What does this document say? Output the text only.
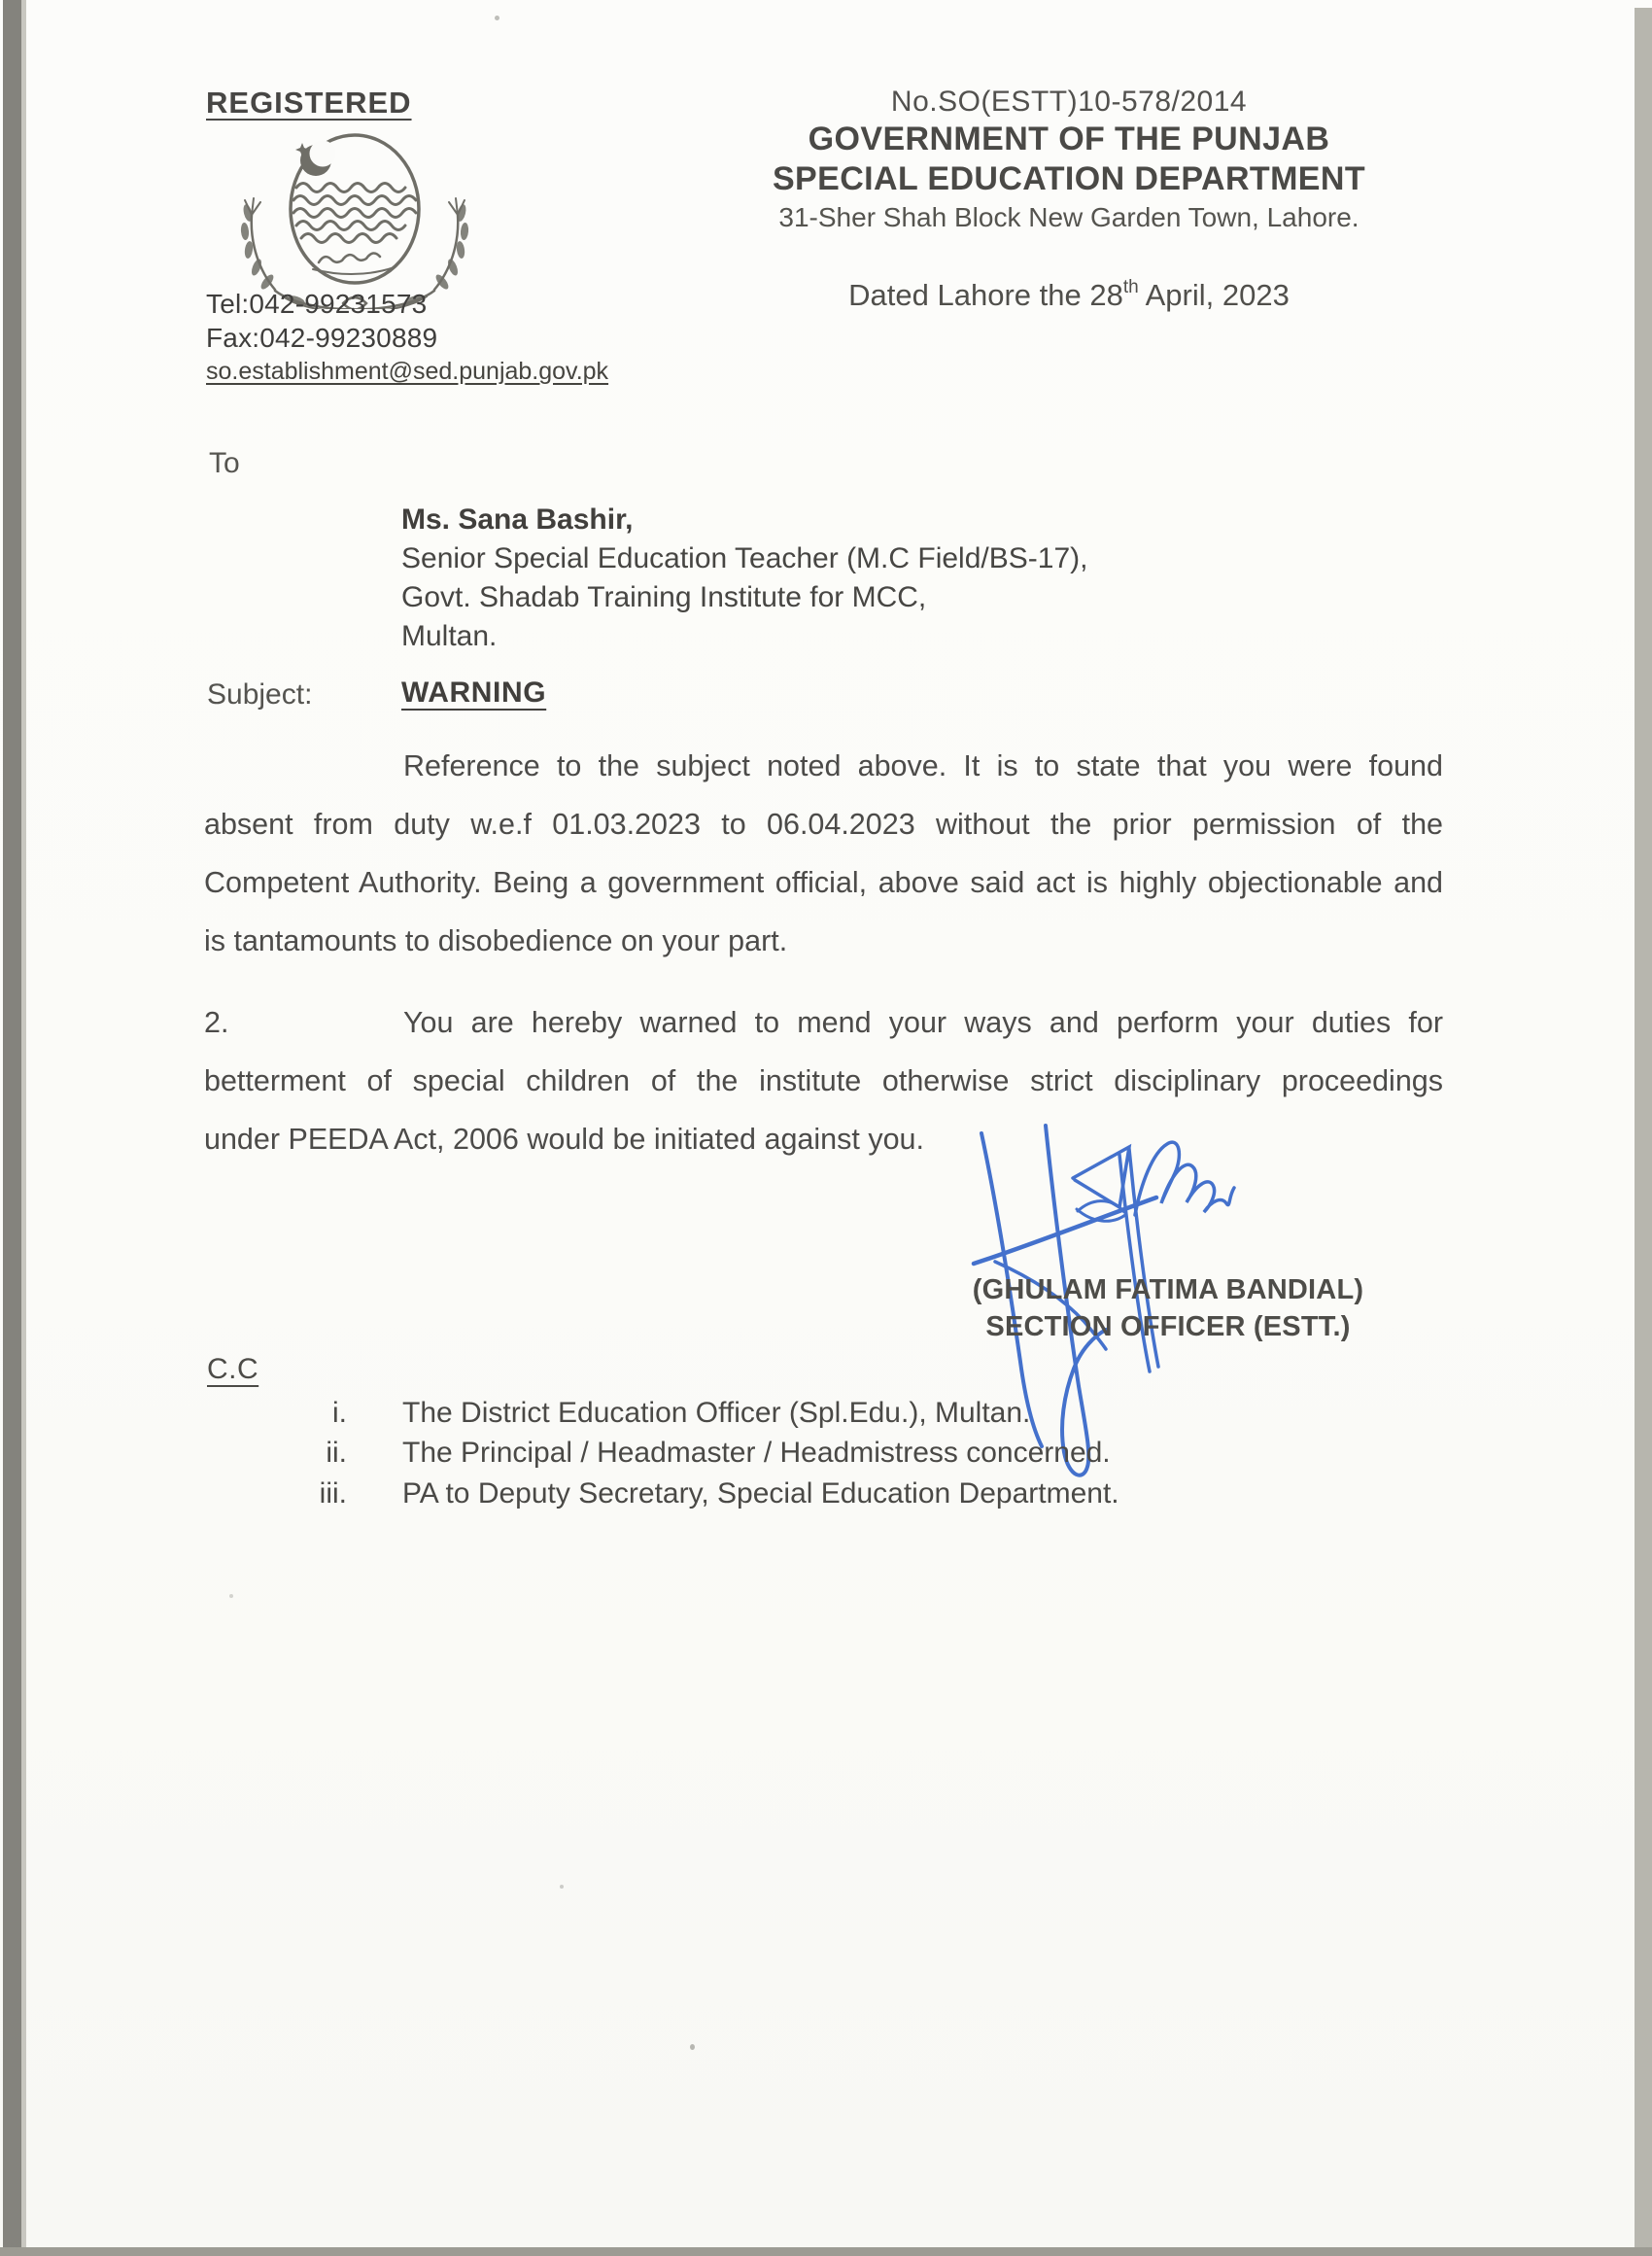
REGISTERED
Tel:042-99231573
Fax:042-99230889
so.establishment@sed.punjab.gov.pk
No.SO(ESTT)10-578/2014
GOVERNMENT OF THE PUNJAB
SPECIAL EDUCATION DEPARTMENT
31-Sher Shah Block New Garden Town, Lahore.
Dated Lahore the 28th April, 2023
To
Ms. Sana Bashir,
Senior Special Education Teacher (M.C Field/BS-17),
Govt. Shadab Training Institute for MCC,
Multan.
Subject:	WARNING
Reference to the subject noted above. It is to state that you were found
absent from duty w.e.f 01.03.2023 to 06.04.2023 without the prior permission of the
Competent Authority. Being a government official, above said act is highly objectionable and
is tantamounts to disobedience on your part.
2.	You are hereby warned to mend your ways and perform your duties for
betterment of special children of the institute otherwise strict disciplinary proceedings
under PEEDA Act, 2006 would be initiated against you.
(GHULAM FATIMA BANDIAL)
SECTION OFFICER (ESTT.)
C.C
i. The District Education Officer (Spl.Edu.), Multan.
ii. The Principal / Headmaster / Headmistress concerned.
iii. PA to Deputy Secretary, Special Education Department.
